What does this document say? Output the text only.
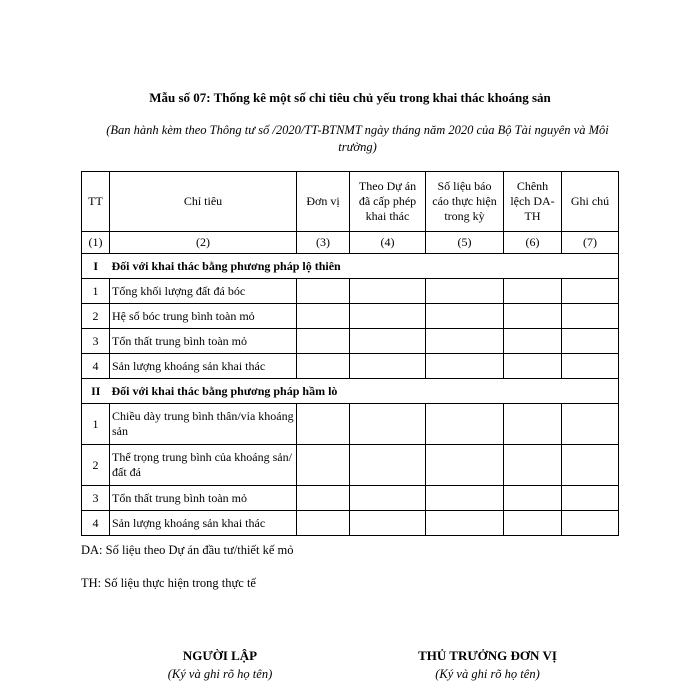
Mẫu số 07: Thống kê một số chỉ tiêu chủ yếu trong khai thác khoáng sản
(Ban hành kèm theo Thông tư số /2020/TT-BTNMT ngày tháng năm 2020 của Bộ Tài nguyên và Môi trường)
TT	Chỉ tiêu	Đơn vị	Theo Dự án đã cấp phép khai thác	Số liệu báo cáo thực hiện trong kỳ	Chênh lệch DA-TH	Ghi chú
(1)	(2)	(3)	(4)	(5)	(6)	(7)
I	Đối với khai thác bằng phương pháp lộ thiên					
1	Tổng khối lượng đất đá bóc					
2	Hệ số bóc trung bình toàn mỏ					
3	Tổn thất trung bình toàn mỏ					
4	Sản lượng khoáng sản khai thác					
II	Đối với khai thác bằng phương pháp hầm lò					
1	Chiều dày trung bình thân/vỉa khoáng sản					
2	Thể trọng trung bình của khoáng sản/đất đá					
3	Tổn thất trung bình toàn mỏ					
4	Sản lượng khoáng sản khai thác					
DA: Số liệu theo Dự án đầu tư/thiết kế mỏ
TH: Số liệu thực hiện trong thực tế
NGƯỜI LẬP
(Ký và ghi rõ họ tên)
THỦ TRƯỞNG ĐƠN VỊ
(Ký và ghi rõ họ tên)
